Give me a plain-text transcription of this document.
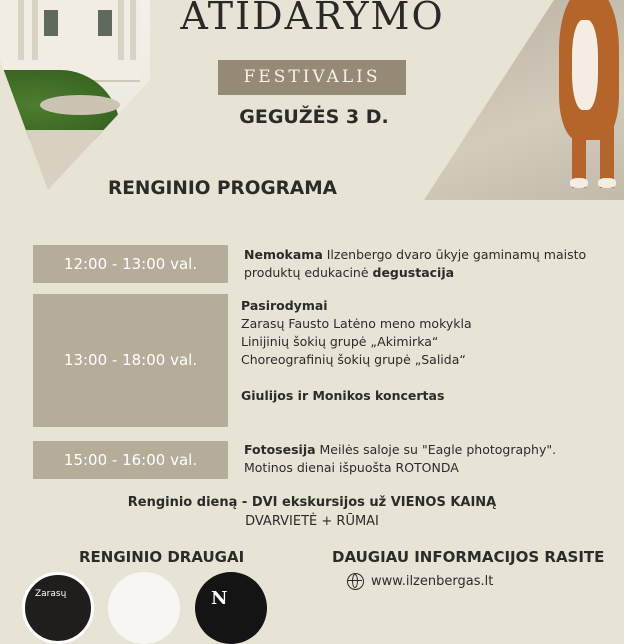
ATIDARYMO
FESTIVALIS
GEGUŽĖS 3 D.
RENGINIO PROGRAMA
12:00 - 13:00 val.
Nemokama Ilzenbergo dvaro ūkyje gaminamų maisto
produktų edukacinė degustacija
13:00 - 18:00 val.
Pasirodymai
Zarasų Fausto Latėno meno mokykla
Linijinių šokių grupė „Akimirka“
Choreografinių šokių grupė „Salida“
Giulijos ir Monikos koncertas
15:00 - 16:00 val.
Fotosesija Meilės saloje su "Eagle photography".
Motinos dienai išpuošta ROTONDA
Renginio dieną - DVI ekskursijos už VIENOS KAINĄ
DVARVIETĖ + RŪMAI
RENGINIO DRAUGAI	DAUGIAU INFORMACIJOS RASITE
Zarasų	N
www.ilzenbergas.lt
